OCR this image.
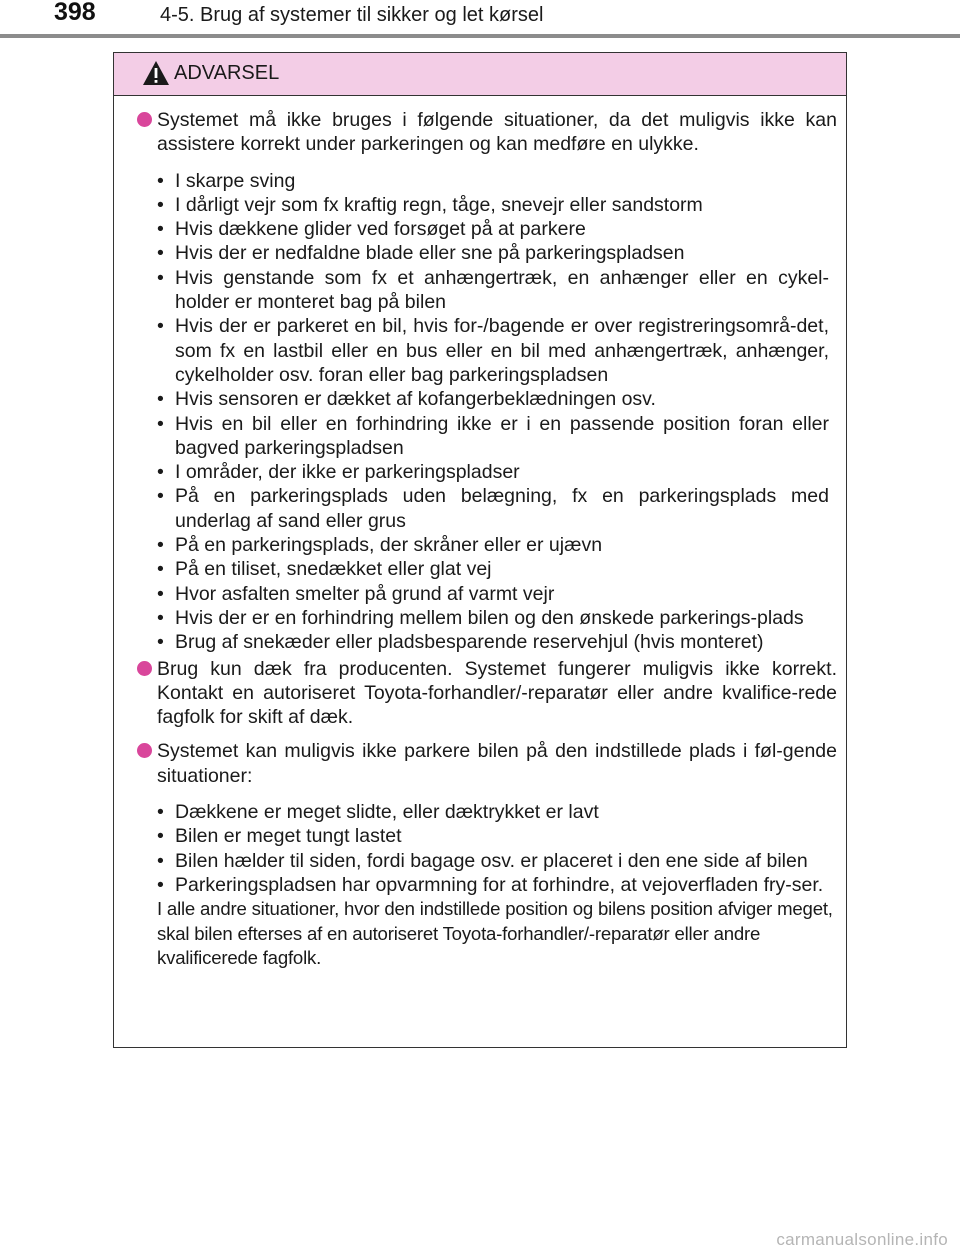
398	4-5. Brug af systemer til sikker og let kørsel
ADVARSEL
Systemet må ikke bruges i følgende situationer, da det muligvis ikke kan assistere korrekt under parkeringen og kan medføre en ulykke.
• I skarpe sving
• I dårligt vejr som fx kraftig regn, tåge, snevejr eller sandstorm
• Hvis dækkene glider ved forsøget på at parkere
• Hvis der er nedfaldne blade eller sne på parkeringspladsen
• Hvis genstande som fx et anhængertræk, en anhænger eller en cykel-holder er monteret bag på bilen
• Hvis der er parkeret en bil, hvis for-/bagende er over registreringsområ-det, som fx en lastbil eller en bus eller en bil med anhængertræk, anhænger, cykelholder osv. foran eller bag parkeringspladsen
• Hvis sensoren er dækket af kofangerbeklædningen osv.
• Hvis en bil eller en forhindring ikke er i en passende position foran eller bagved parkeringspladsen
• I områder, der ikke er parkeringspladser
• På en parkeringsplads uden belægning, fx en parkeringsplads med underlag af sand eller grus
• På en parkeringsplads, der skråner eller er ujævn
• På en tiliset, snedækket eller glat vej
• Hvor asfalten smelter på grund af varmt vejr
• Hvis der er en forhindring mellem bilen og den ønskede parkerings-plads
• Brug af snekæder eller pladsbesparende reservehjul (hvis monteret)
Brug kun dæk fra producenten. Systemet fungerer muligvis ikke korrekt. Kontakt en autoriseret Toyota-forhandler/-reparatør eller andre kvalifice-rede fagfolk for skift af dæk.
Systemet kan muligvis ikke parkere bilen på den indstillede plads i føl-gende situationer:
• Dækkene er meget slidte, eller dæktrykket er lavt
• Bilen er meget tungt lastet
• Bilen hælder til siden, fordi bagage osv. er placeret i den ene side af bilen
• Parkeringspladsen har opvarmning for at forhindre, at vejoverfladen fry-ser.
I alle andre situationer, hvor den indstillede position og bilens position afviger meget, skal bilen efterses af en autoriseret Toyota-forhandler/-reparatør eller andre kvalificerede fagfolk.
carmanualsonline.info
